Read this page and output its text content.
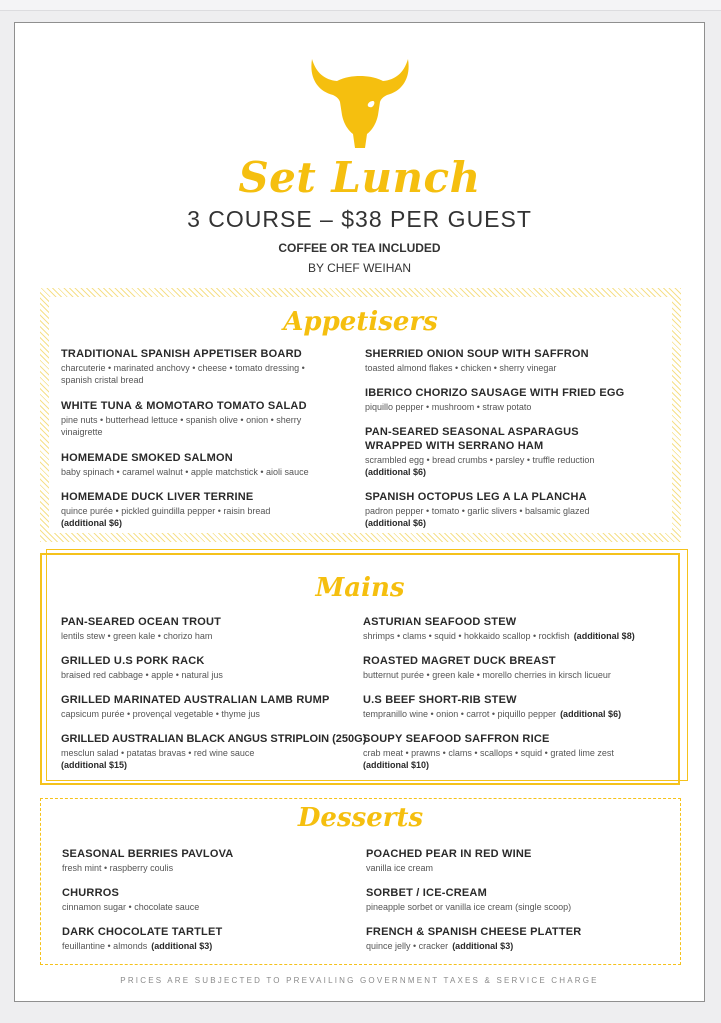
Set Lunch
3 COURSE – $38 PER GUEST
COFFEE OR TEA INCLUDED
BY CHEF WEIHAN
Appetisers
TRADITIONAL SPANISH APPETISER BOARD
charcuterie • marinated anchovy • cheese • tomato dressing • spanish cristal bread
WHITE TUNA & MOMOTARO TOMATO SALAD
pine nuts • butterhead lettuce • spanish olive • onion • sherry vinaigrette
HOMEMADE SMOKED SALMON
baby spinach • caramel walnut • apple matchstick • aioli sauce
HOMEMADE DUCK LIVER TERRINE
quince purée • pickled guindilla pepper • raisin bread
(additional $6)
SHERRIED ONION SOUP WITH SAFFRON
toasted almond flakes • chicken • sherry vinegar
IBERICO CHORIZO SAUSAGE WITH FRIED EGG
piquillo pepper • mushroom • straw potato
PAN-SEARED SEASONAL ASPARAGUS WRAPPED WITH SERRANO HAM
scrambled egg • bread crumbs • parsley • truffle reduction
(additional $6)
SPANISH OCTOPUS LEG A LA PLANCHA
padron pepper • tomato • garlic slivers • balsamic glazed
(additional $6)
Mains
PAN-SEARED OCEAN TROUT
lentils stew • green kale • chorizo ham
GRILLED U.S PORK RACK
braised red cabbage • apple • natural jus
GRILLED MARINATED AUSTRALIAN LAMB RUMP
capsicum purée • provençal vegetable • thyme jus
GRILLED AUSTRALIAN BLACK ANGUS STRIPLOIN (250G)
mesclun salad • patatas bravas • red wine sauce
(additional $15)
ASTURIAN SEAFOOD STEW
shrimps • clams • squid • hokkaido scallop • rockfish (additional $8)
ROASTED MAGRET DUCK BREAST
butternut purée • green kale • morello cherries in kirsch licueur
U.S BEEF SHORT-RIB STEW
tempranillo wine • onion • carrot • piquillo pepper (additional $6)
SOUPY SEAFOOD SAFFRON RICE
crab meat • prawns • clams • scallops • squid • grated lime zest
(additional $10)
Desserts
SEASONAL BERRIES PAVLOVA
fresh mint • raspberry coulis
CHURROS
cinnamon sugar • chocolate sauce
DARK CHOCOLATE TARTLET
feuillantine • almonds (additional $3)
POACHED PEAR IN RED WINE
vanilla ice cream
SORBET / ICE-CREAM
pineapple sorbet or vanilla ice cream (single scoop)
FRENCH & SPANISH CHEESE PLATTER
quince jelly • cracker (additional $3)
PRICES ARE SUBJECTED TO PREVAILING GOVERNMENT TAXES & SERVICE CHARGE
